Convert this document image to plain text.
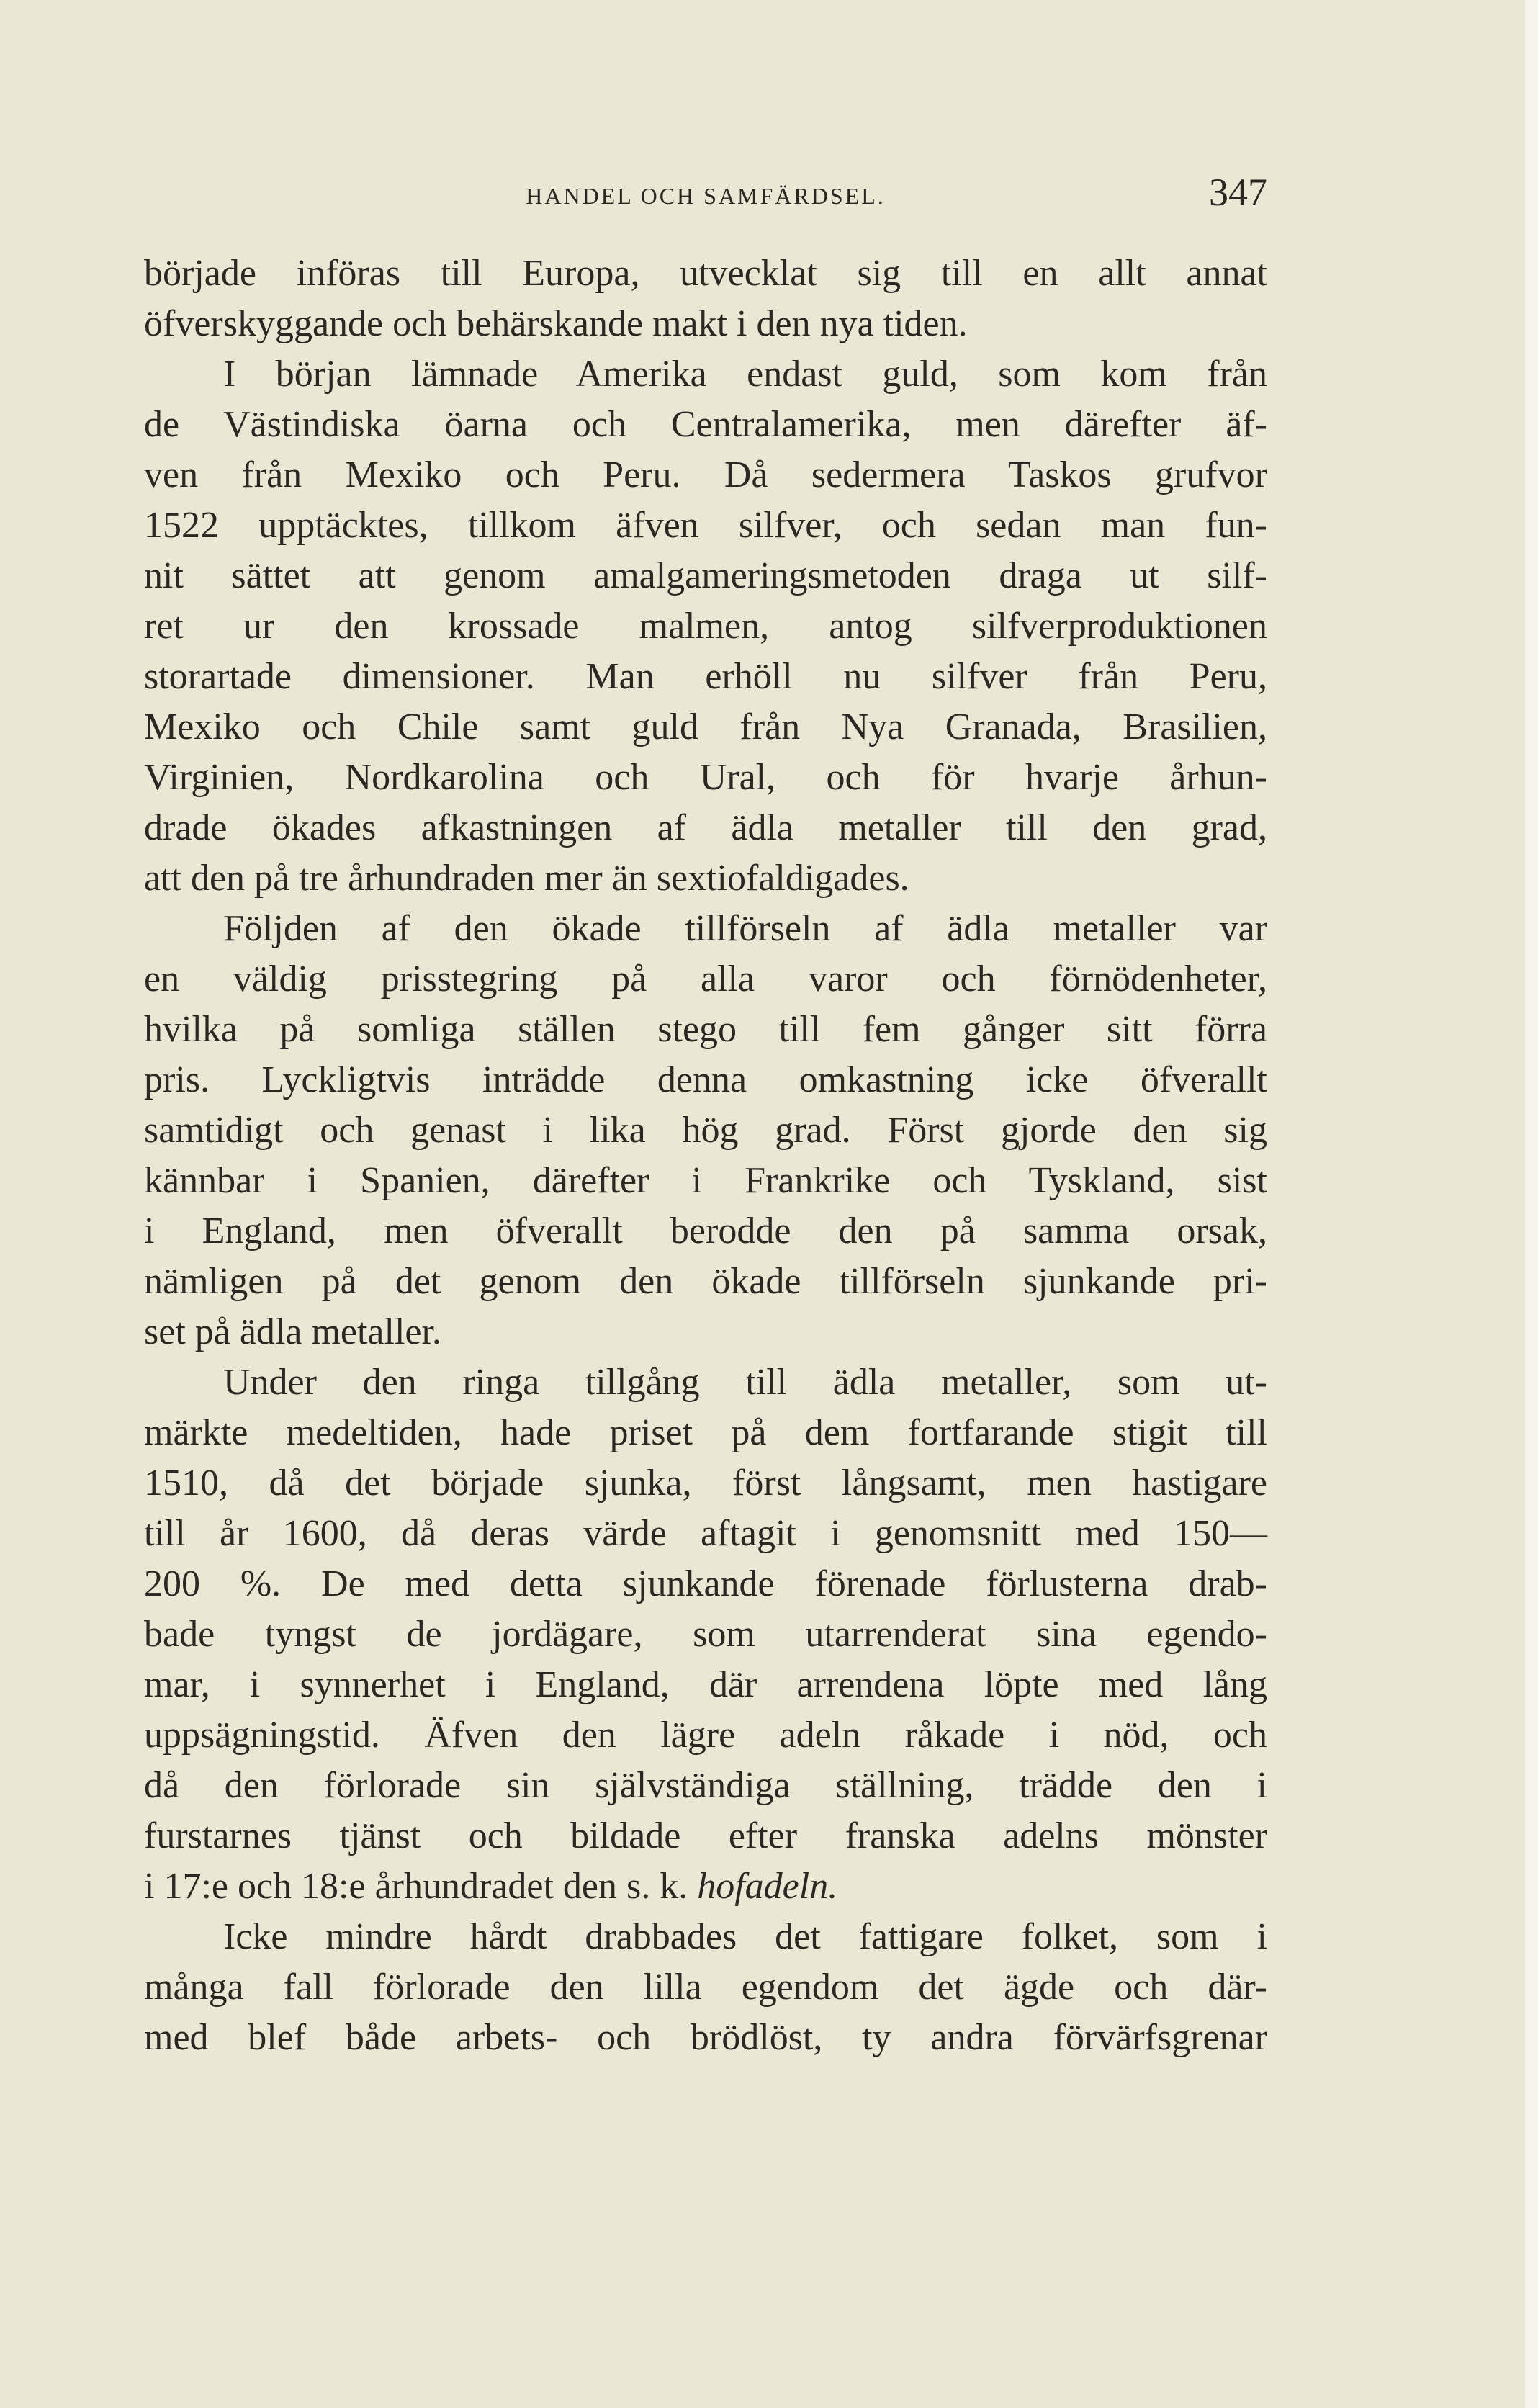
HANDEL OCH SAMFÄRDSEL.	347
började införas till Europa, utvecklat sig till en allt annat
öfverskyggande och behärskande makt i den nya tiden.
I början lämnade Amerika endast guld, som kom från
de Västindiska öarna och Centralamerika, men därefter äf-
ven från Mexiko och Peru. Då sedermera Taskos grufvor
1522 upptäcktes, tillkom äfven silfver, och sedan man fun-
nit sättet att genom amalgameringsmetoden draga ut silf-
ret ur den krossade malmen, antog silfverproduktionen
storartade dimensioner. Man erhöll nu silfver från Peru,
Mexiko och Chile samt guld från Nya Granada, Brasilien,
Virginien, Nordkarolina och Ural, och för hvarje århun-
drade ökades afkastningen af ädla metaller till den grad,
att den på tre århundraden mer än sextiofaldigades.
Följden af den ökade tillförseln af ädla metaller var
en väldig prisstegring på alla varor och förnödenheter,
hvilka på somliga ställen stego till fem gånger sitt förra
pris. Lyckligtvis inträdde denna omkastning icke öfverallt
samtidigt och genast i lika hög grad. Först gjorde den sig
kännbar i Spanien, därefter i Frankrike och Tyskland, sist
i England, men öfverallt berodde den på samma orsak,
nämligen på det genom den ökade tillförseln sjunkande pri-
set på ädla metaller.
Under den ringa tillgång till ädla metaller, som ut-
märkte medeltiden, hade priset på dem fortfarande stigit till
1510, då det började sjunka, först långsamt, men hastigare
till år 1600, då deras värde aftagit i genomsnitt med 150—
200 %. De med detta sjunkande förenade förlusterna drab-
bade tyngst de jordägare, som utarrenderat sina egendo-
mar, i synnerhet i England, där arrendena löpte med lång
uppsägningstid. Äfven den lägre adeln råkade i nöd, och
då den förlorade sin självständiga ställning, trädde den i
furstarnes tjänst och bildade efter franska adelns mönster
i 17:e och 18:e århundradet den s. k. hofadeln.
Icke mindre hårdt drabbades det fattigare folket, som i
många fall förlorade den lilla egendom det ägde och där-
med blef både arbets- och brödlöst, ty andra förvärfsgrenar
